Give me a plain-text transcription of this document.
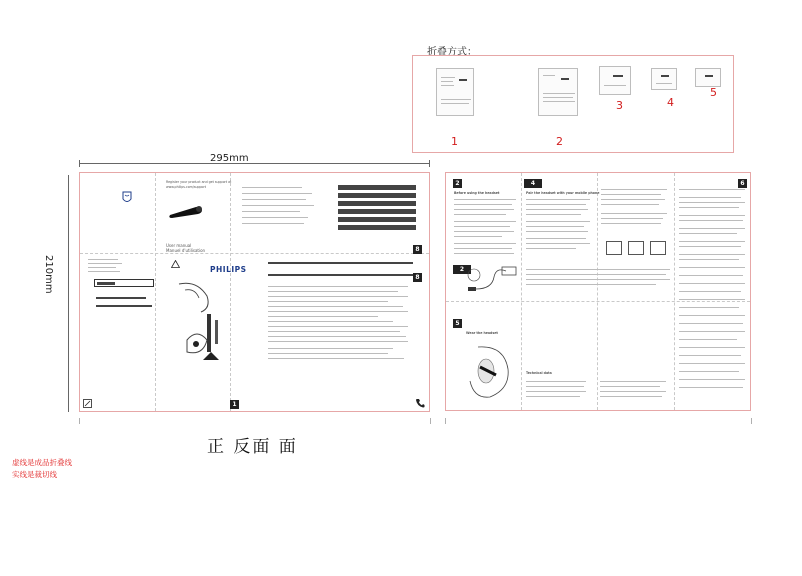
折叠方式：
1	2
3	4
5
295mm
210mm
Register your product and get support at
www.philips.com/support
User manual
Manuel d'utilisation
PHILIPS
8
8
1
2	4
5
6
Before using the headset	Pair the headset with your mobile phone
Wear the headset
2
Technical data
正 反面 面
虚线是成品折叠线
实线是裁切线
